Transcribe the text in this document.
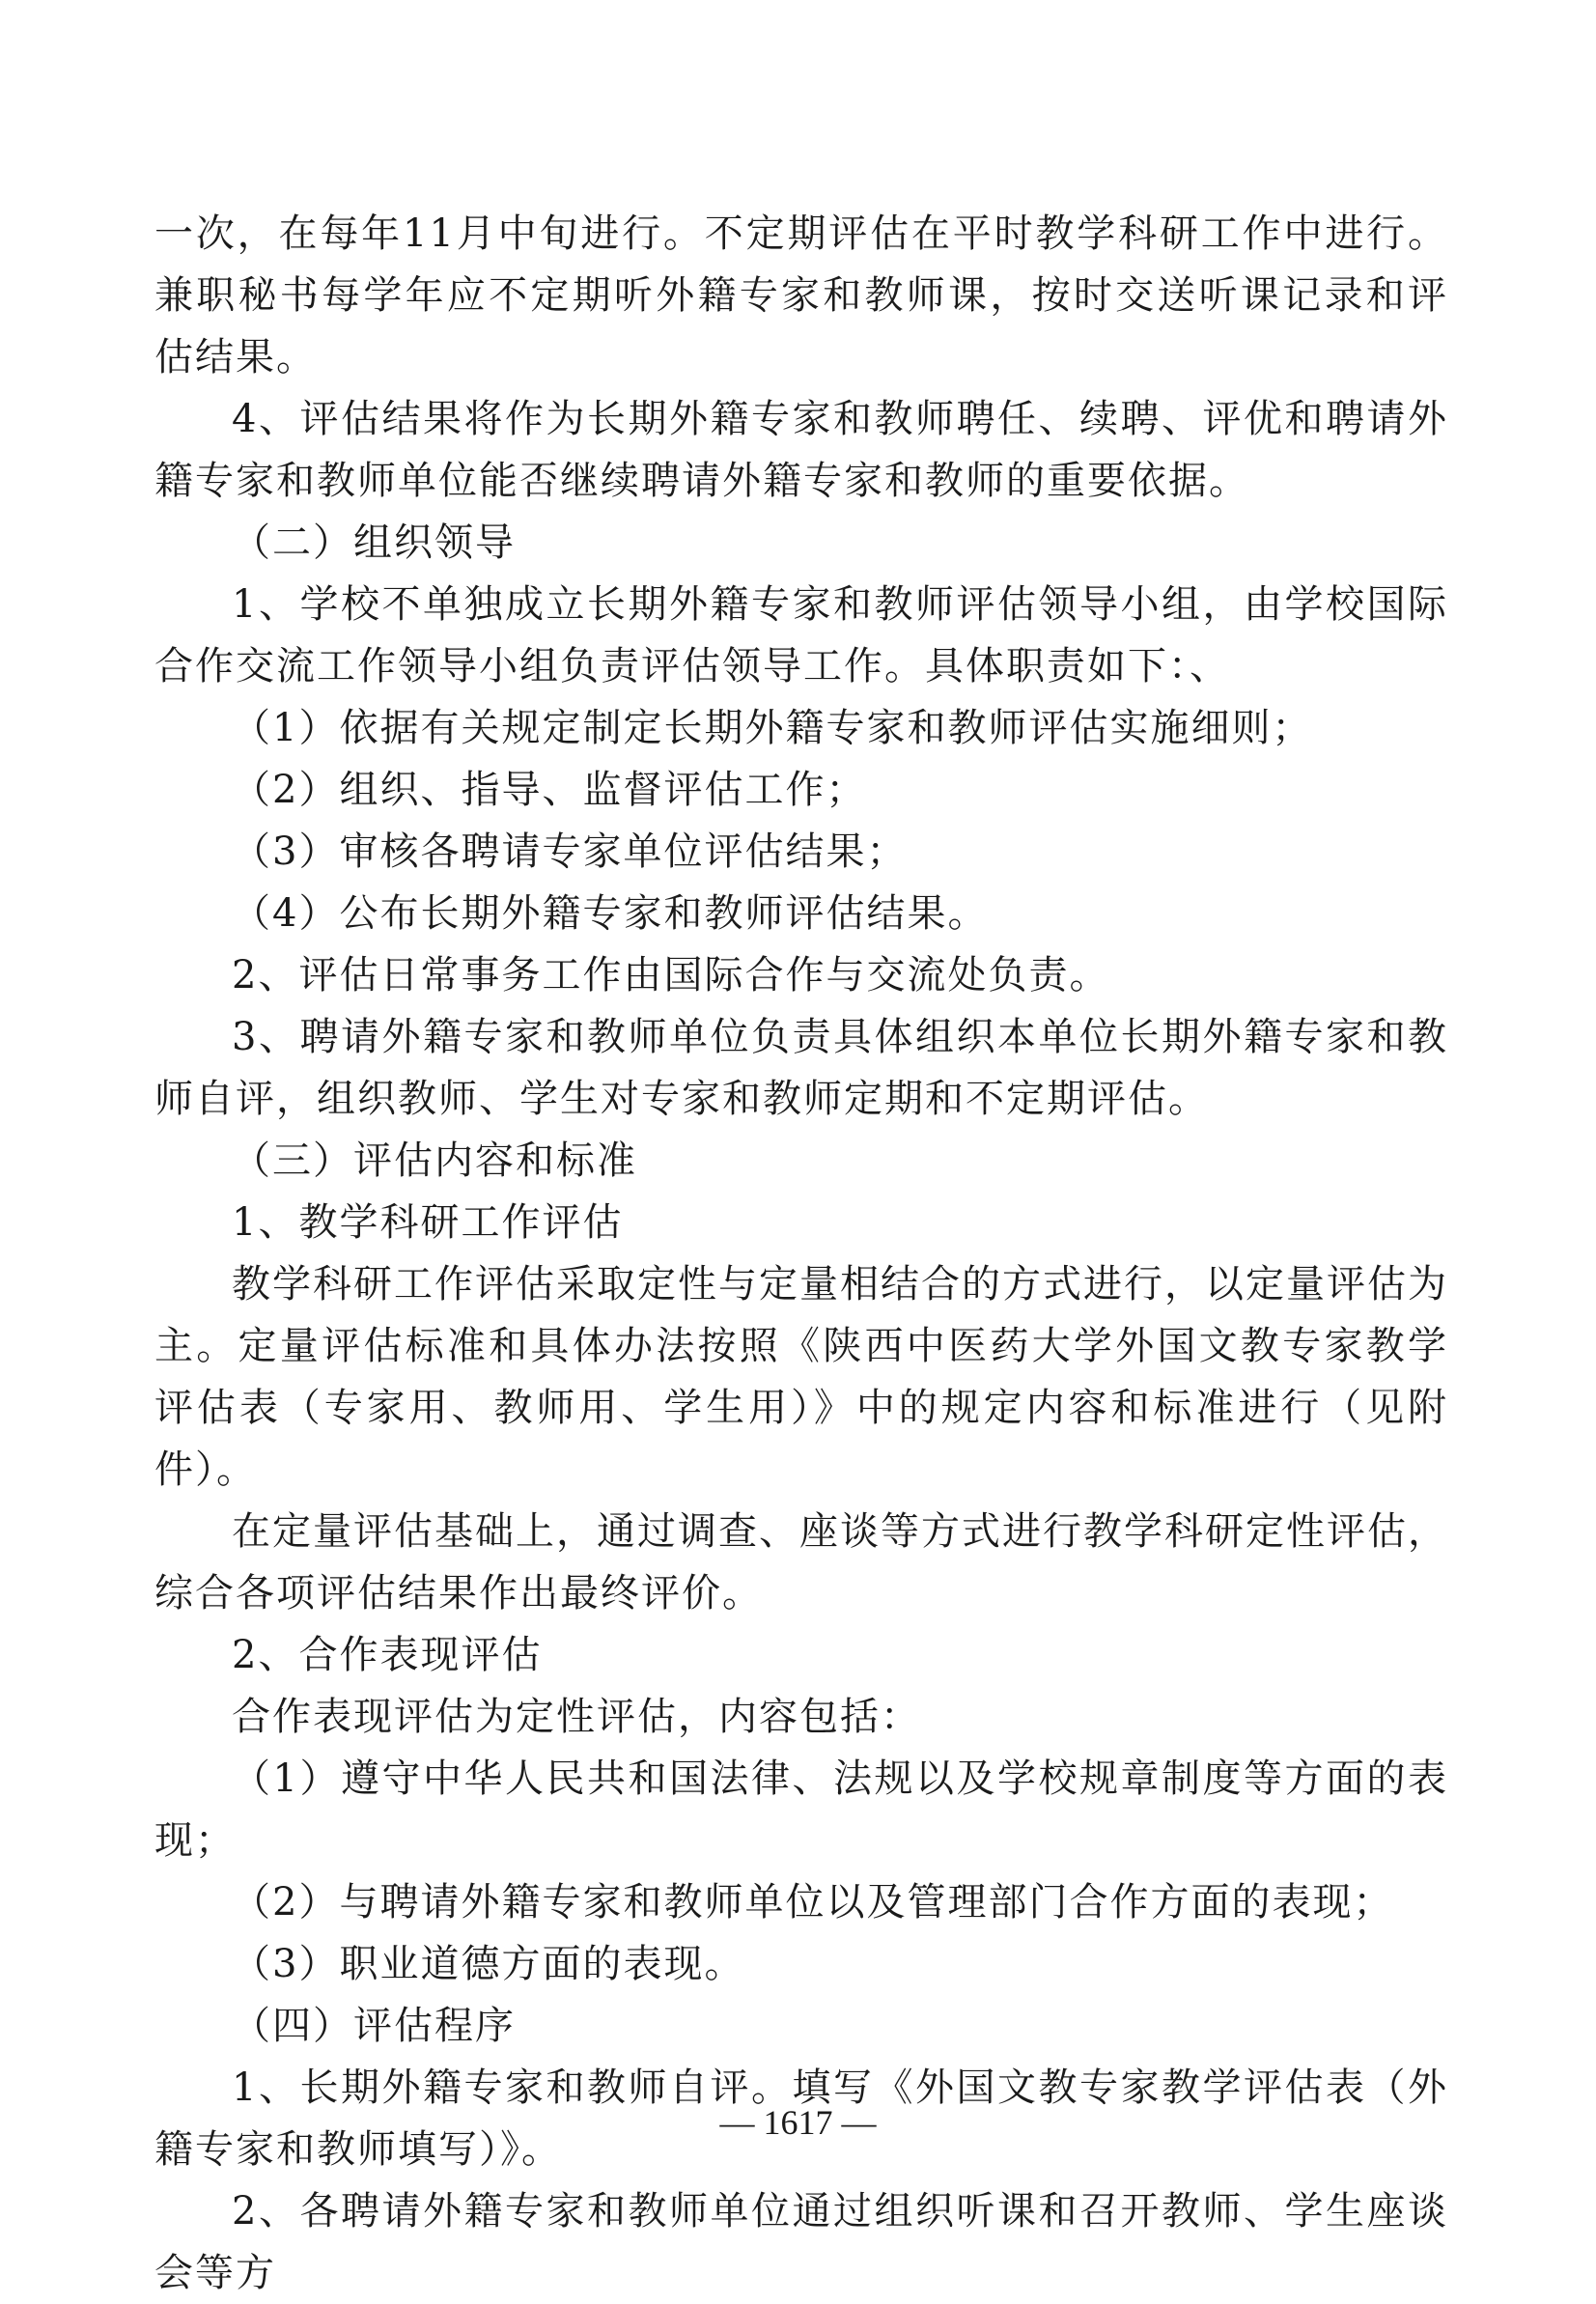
一次，在每年11月中旬进行。不定期评估在平时教学科研工作中进行。兼职秘书每学年应不定期听外籍专家和教师课，按时交送听课记录和评估结果。

4、评估结果将作为长期外籍专家和教师聘任、续聘、评优和聘请外籍专家和教师单位能否继续聘请外籍专家和教师的重要依据。

（二）组织领导

1、学校不单独成立长期外籍专家和教师评估领导小组，由学校国际合作交流工作领导小组负责评估领导工作。具体职责如下：、

（1）依据有关规定制定长期外籍专家和教师评估实施细则；

（2）组织、指导、监督评估工作；

（3）审核各聘请专家单位评估结果；

（4）公布长期外籍专家和教师评估结果。

2、评估日常事务工作由国际合作与交流处负责。

3、聘请外籍专家和教师单位负责具体组织本单位长期外籍专家和教师自评，组织教师、学生对专家和教师定期和不定期评估。

（三）评估内容和标准

1、教学科研工作评估

教学科研工作评估采取定性与定量相结合的方式进行，以定量评估为主。定量评估标准和具体办法按照《陕西中医药大学外国文教专家教学评估表（专家用、教师用、学生用）》中的规定内容和标准进行（见附件）。

在定量评估基础上，通过调查、座谈等方式进行教学科研定性评估，综合各项评估结果作出最终评价。

2、合作表现评估

合作表现评估为定性评估，内容包括：

（1）遵守中华人民共和国法律、法规以及学校规章制度等方面的表现；

（2）与聘请外籍专家和教师单位以及管理部门合作方面的表现；

（3）职业道德方面的表现。

（四）评估程序

1、长期外籍专家和教师自评。填写《外国文教专家教学评估表（外籍专家和教师填写）》。

2、各聘请外籍专家和教师单位通过组织听课和召开教师、学生座谈会等方

— 1617 —
